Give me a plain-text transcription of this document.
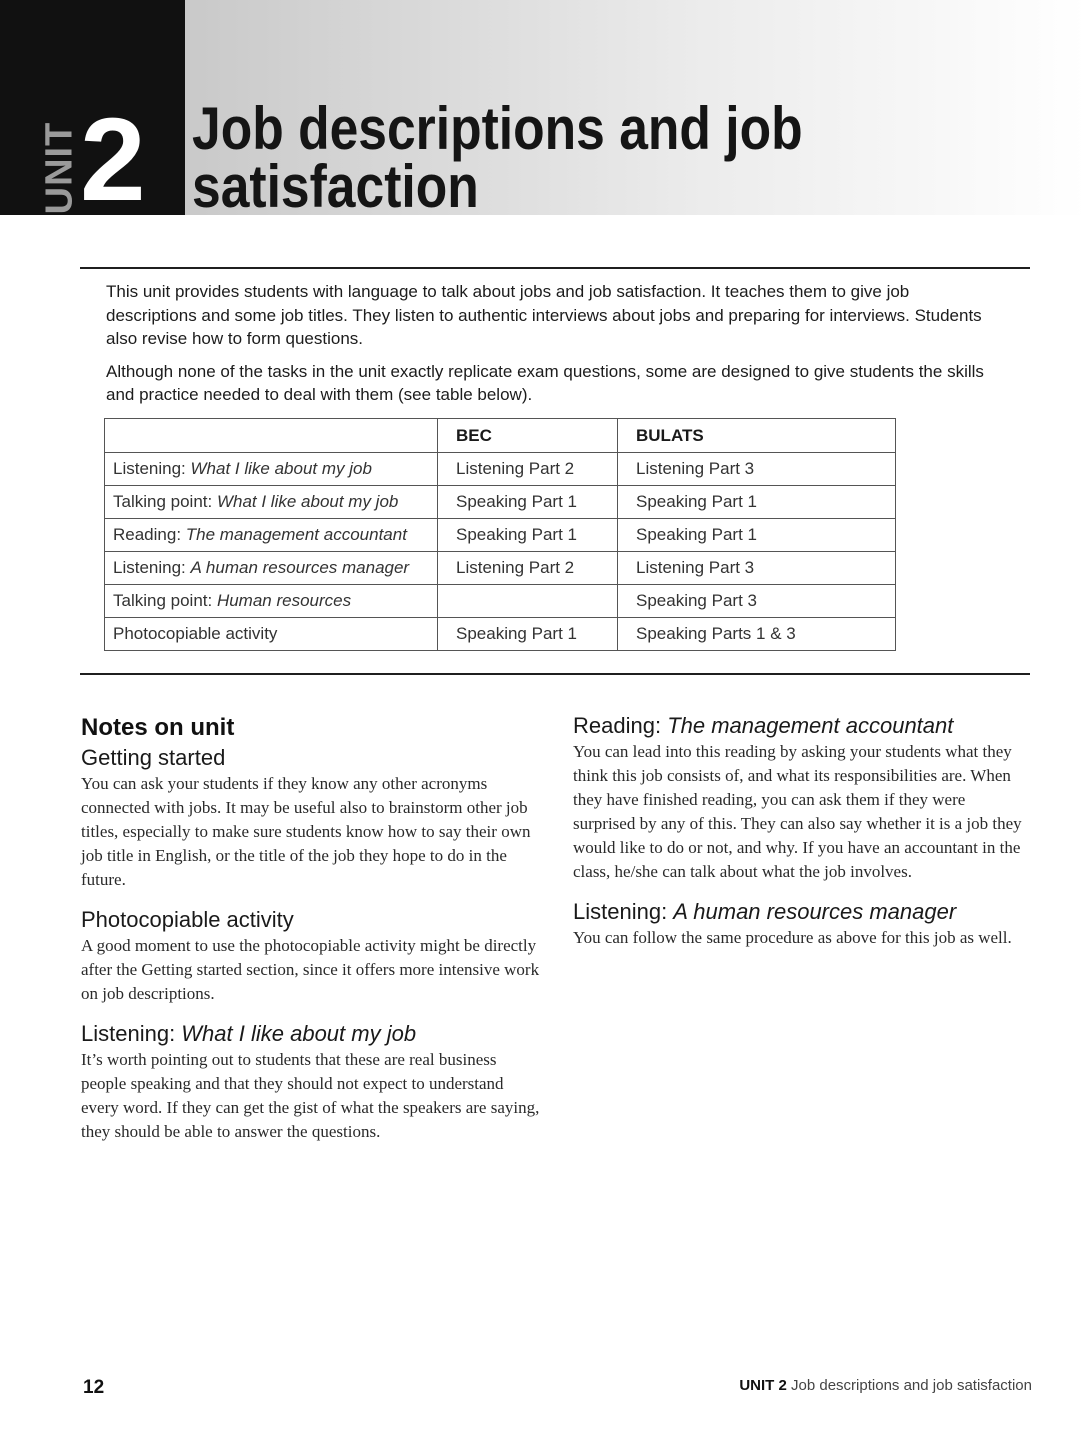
UNIT 2 Job descriptions and job
satisfaction

This unit provides students with language to talk about jobs and job satisfaction. It teaches them to give job descriptions and some job titles. They listen to authentic interviews about jobs and preparing for interviews. Students also revise how to form questions.

Although none of the tasks in the unit exactly replicate exam questions, some are designed to give students the skills and practice needed to deal with them (see table below).

	BEC	BULATS
Listening: What I like about my job	Listening Part 2	Listening Part 3
Talking point: What I like about my job	Speaking Part 1	Speaking Part 1
Reading: The management accountant	Speaking Part 1	Speaking Part 1
Listening: A human resources manager	Listening Part 2	Listening Part 3
Talking point: Human resources		Speaking Part 3
Photocopiable activity	Speaking Part 1	Speaking Parts 1 & 3
Notes on unit
Getting started

You can ask your students if they know any other acronyms connected with jobs. It may be useful also to brainstorm other job titles, especially to make sure students know how to say their own job title in English, or the title of the job they hope to do in the future.

Photocopiable activity

A good moment to use the photocopiable activity might be directly after the Getting started section, since it offers more intensive work on job descriptions.

Listening: What I like about my job

It’s worth pointing out to students that these are real business people speaking and that they should not expect to understand every word. If they can get the gist of what the speakers are saying, they should be able to answer the questions.

Reading: The management accountant

You can lead into this reading by asking your students what they think this job consists of, and what its responsibilities are. When they have finished reading, you can ask them if they were surprised by any of this. They can also say whether it is a job they would like to do or not, and why. If you have an accountant in the class, he/she can talk about what the job involves.

Listening: A human resources manager

You can follow the same procedure as above for this job as well.

12	UNIT 2 Job descriptions and job satisfaction
